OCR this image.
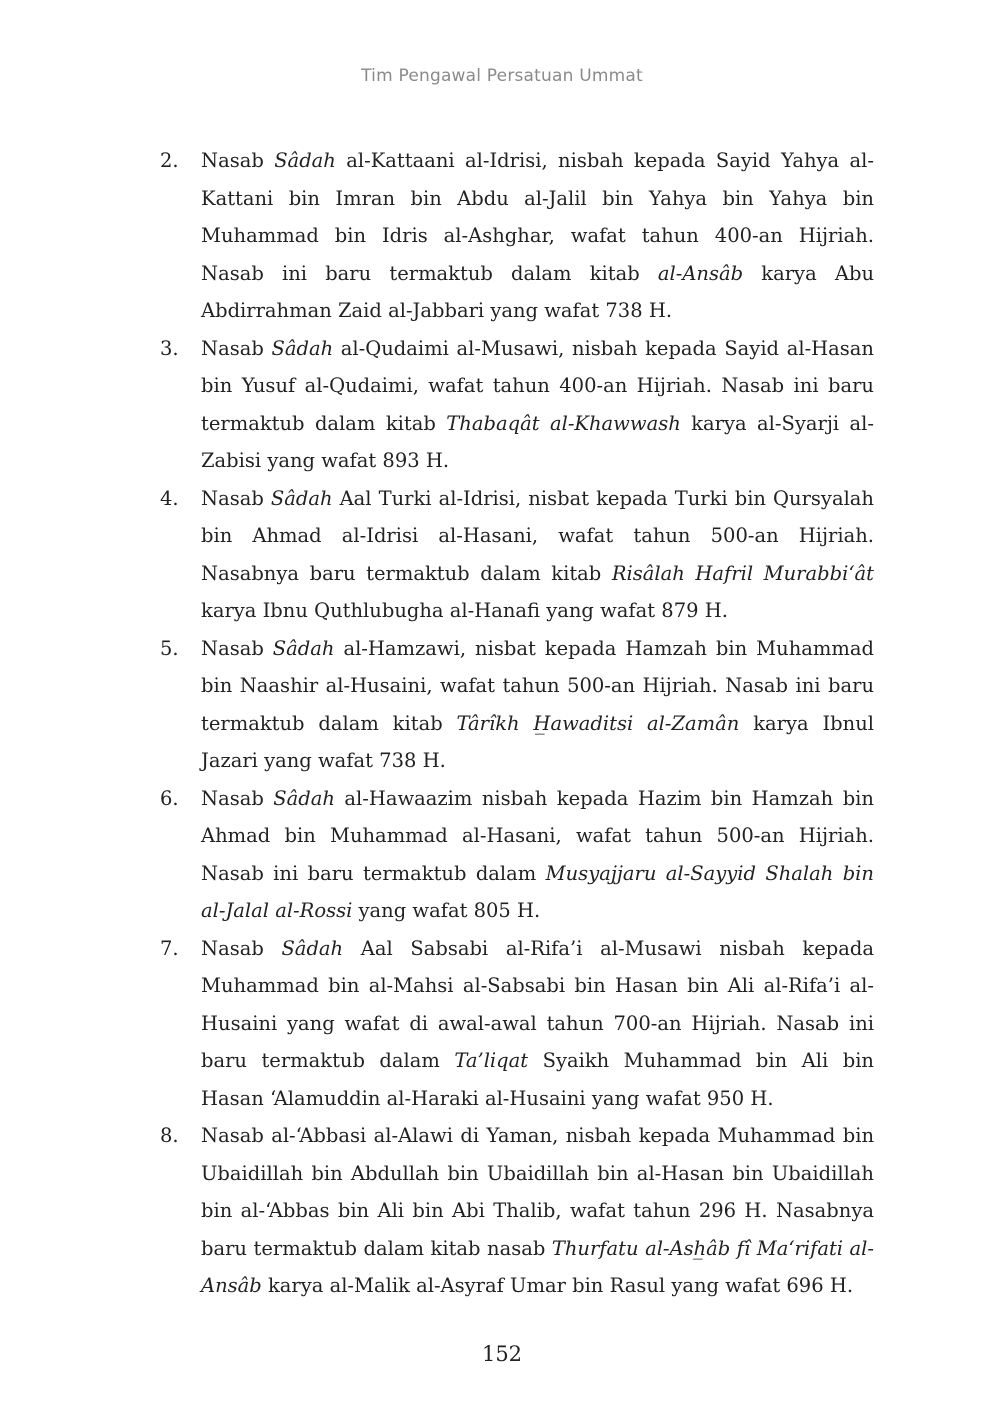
Tim Pengawal Persatuan Ummat
2.	Nasab Sâdah al-Kattaani al-Idrisi, nisbah kepada Sayid Yahya al-Kattani bin Imran bin Abdu al-Jalil bin Yahya bin Yahya bin Muhammad bin Idris al-Ashghar, wafat tahun 400-an Hijriah. Nasab ini baru termaktub dalam kitab al-Ansâb karya Abu Abdirrahman Zaid al-Jabbari yang wafat 738 H.
3.	Nasab Sâdah al-Qudaimi al-Musawi, nisbah kepada Sayid al-Hasan bin Yusuf al-Qudaimi, wafat tahun 400-an Hijriah. Nasab ini baru termaktub dalam kitab Thabaqât al-Khawwash karya al-Syarji al-Zabisi yang wafat 893 H.
4.	Nasab Sâdah Aal Turki al-Idrisi, nisbat kepada Turki bin Qursyalah bin Ahmad al-Idrisi al-Hasani, wafat tahun 500-an Hijriah. Nasabnya baru termaktub dalam kitab Risâlah Hafril Murabbi‘ât karya Ibnu Quthlubugha al-Hanafi yang wafat 879 H.
5.	Nasab Sâdah al-Hamzawi, nisbat kepada Hamzah bin Muhammad bin Naashir al-Husaini, wafat tahun 500-an Hijriah. Nasab ini baru termaktub dalam kitab Târîkh H̲awaditsi al-Zamân karya Ibnul Jazari yang wafat 738 H.
6.	Nasab Sâdah al-Hawaazim nisbah kepada Hazim bin Hamzah bin Ahmad bin Muhammad al-Hasani, wafat tahun 500-an Hijriah. Nasab ini baru termaktub dalam Musyajjaru al-Sayyid Shalah bin al-Jalal al-Rossi yang wafat 805 H.
7.	Nasab Sâdah Aal Sabsabi al-Rifa’i al-Musawi nisbah kepada Muhammad bin al-Mahsi al-Sabsabi bin Hasan bin Ali al-Rifa’i al-Husaini yang wafat di awal-awal tahun 700-an Hijriah. Nasab ini baru termaktub dalam Ta’liqat Syaikh Muhammad bin Ali bin Hasan ‘Alamuddin al-Haraki al-Husaini yang wafat 950 H.
8.	Nasab al-‘Abbasi al-Alawi di Yaman, nisbah kepada Muhammad bin Ubaidillah bin Abdullah bin Ubaidillah bin al-Hasan bin Ubaidillah bin al-‘Abbas bin Ali bin Abi Thalib, wafat tahun 296 H. Nasabnya baru termaktub dalam kitab nasab Thurfatu al-Ash̲âb fî Ma‘rifati al-Ansâb karya al-Malik al-Asyraf Umar bin Rasul yang wafat 696 H.
152
